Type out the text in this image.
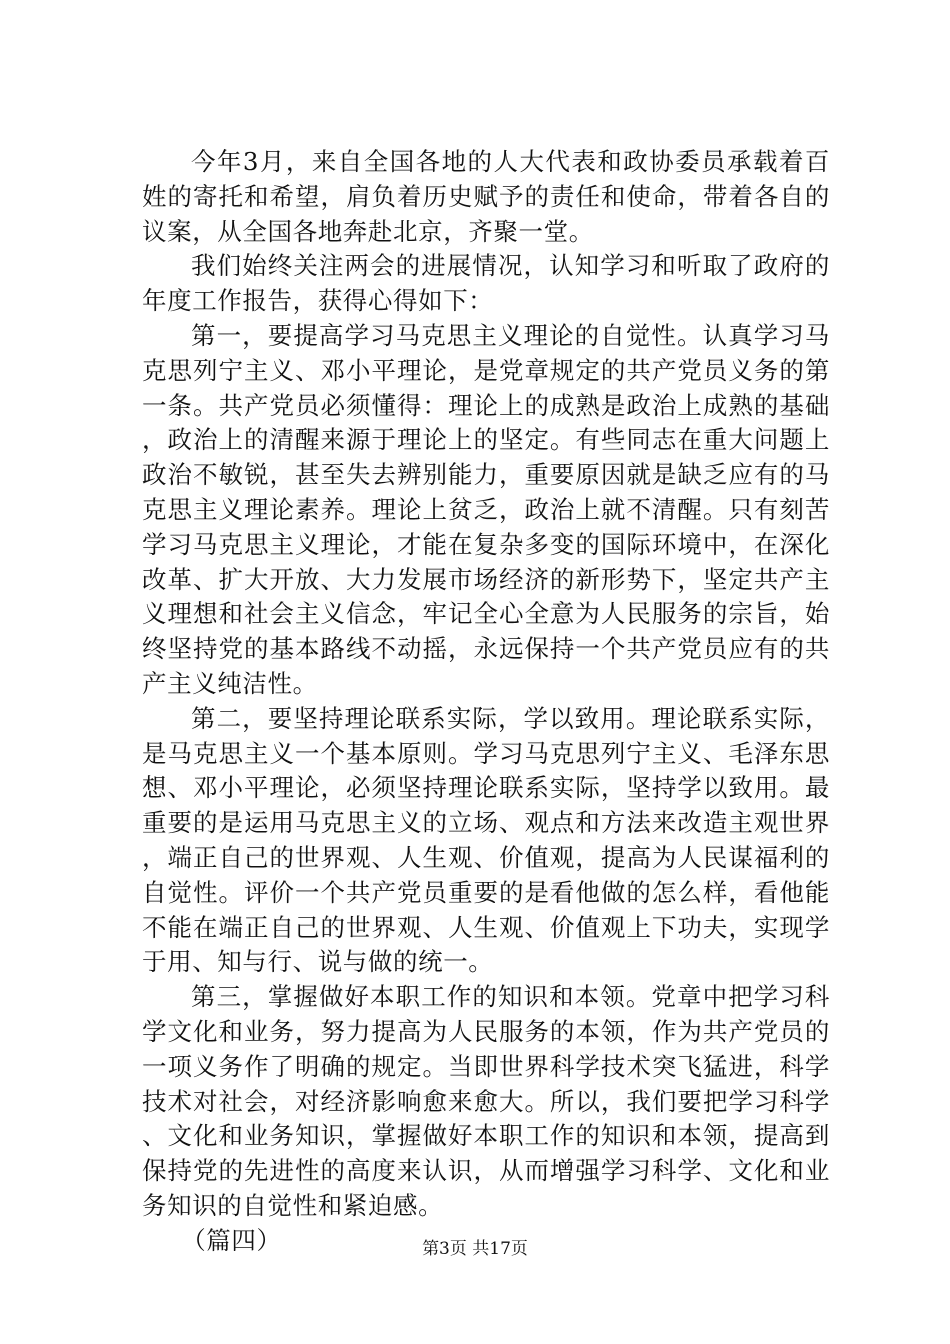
今年3月，来自全国各地的人大代表和政协委员承载着百姓的寄托和希望，肩负着历史赋予的责任和使命，带着各自的议案，从全国各地奔赴北京，齐聚一堂。

我们始终关注两会的进展情况，认知学习和听取了政府的年度工作报告，获得心得如下：

第一，要提高学习马克思主义理论的自觉性。认真学习马克思列宁主义、邓小平理论，是党章规定的共产党员义务的第一条。共产党员必须懂得：理论上的成熟是政治上成熟的基础，政治上的清醒来源于理论上的坚定。有些同志在重大问题上政治不敏锐，甚至失去辨别能力，重要原因就是缺乏应有的马克思主义理论素养。理论上贫乏，政治上就不清醒。只有刻苦学习马克思主义理论，才能在复杂多变的国际环境中，在深化改革、扩大开放、大力发展市场经济的新形势下，坚定共产主义理想和社会主义信念，牢记全心全意为人民服务的宗旨，始终坚持党的基本路线不动摇，永远保持一个共产党员应有的共产主义纯洁性。

第二，要坚持理论联系实际，学以致用。理论联系实际，是马克思主义一个基本原则。学习马克思列宁主义、毛泽东思想、邓小平理论，必须坚持理论联系实际，坚持学以致用。最重要的是运用马克思主义的立场、观点和方法来改造主观世界，端正自己的世界观、人生观、价值观，提高为人民谋福利的自觉性。评价一个共产党员重要的是看他做的怎么样，看他能不能在端正自己的世界观、人生观、价值观上下功夫，实现学于用、知与行、说与做的统一。

第三，掌握做好本职工作的知识和本领。党章中把学习科学文化和业务，努力提高为人民服务的本领，作为共产党员的一项义务作了明确的规定。当即世界科学技术突飞猛进，科学技术对社会，对经济影响愈来愈大。所以，我们要把学习科学、文化和业务知识，掌握做好本职工作的知识和本领，提高到保持党的先进性的高度来认识，从而增强学习科学、文化和业务知识的自觉性和紧迫感。

（篇四）	第3页 共17页
